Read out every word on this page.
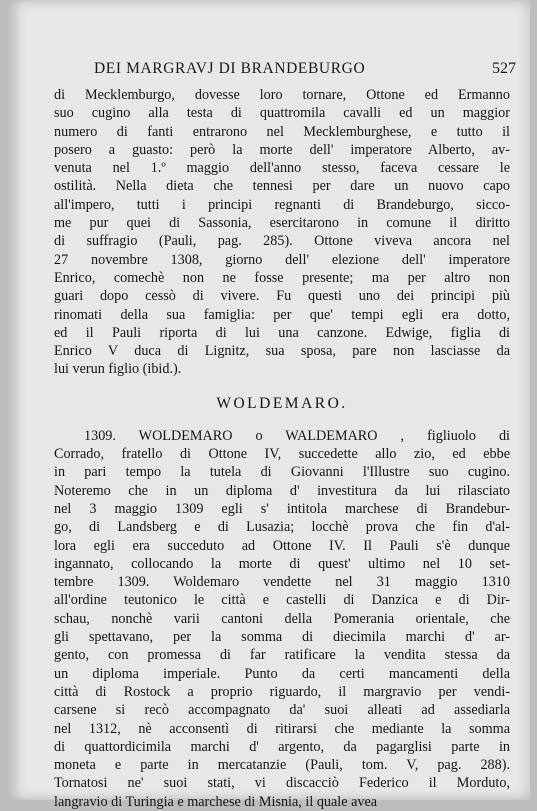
DEI MARGRAVJ DI BRANDEBURGO	527
di Mecklemburgo, dovesse loro tornare, Ottone ed Ermanno
suo cugino alla testa di quattromila cavalli ed un maggior
numero di fanti entrarono nel Mecklemburghese, e tutto il
posero a guasto: però la morte dell' imperatore Alberto, av-
venuta nel 1.º maggio dell'anno stesso, faceva cessare le
ostilità. Nella dieta che tennesi per dare un nuovo capo
all'impero, tutti i principi regnanti di Brandeburgo, sicco-
me pur quei di Sassonia, esercitarono in comune il diritto
di suffragio (Pauli, pag. 285). Ottone viveva ancora nel
27 novembre 1308, giorno dell' elezione dell' imperatore
Enrico, comechè non ne fosse presente; ma per altro non
guari dopo cessò di vivere. Fu questi uno dei principi più
rinomati della sua famiglia: per que' tempi egli era dotto,
ed il Pauli riporta di lui una canzone. Edwige, figlia di
Enrico V duca di Lignitz, sua sposa, pare non lasciasse da
lui verun figlio (ibid.).
WOLDEMARO.
1309. WOLDEMARO o WALDEMARO , figliuolo di
Corrado, fratello di Ottone IV, succedette allo zio, ed ebbe
in pari tempo la tutela di Giovanni l'Illustre suo cugino.
Noteremo che in un diploma d' investitura da lui rilasciato
nel 3 maggio 1309 egli s' intitola marchese di Brandebur-
go, di Landsberg e di Lusazia; locchè prova che fin d'al-
lora egli era succeduto ad Ottone IV. Il Pauli s'è dunque
ingannato, collocando la morte di quest' ultimo nel 10 set-
tembre 1309. Woldemaro vendette nel 31 maggio 1310
all'ordine teutonico le città e castelli di Danzica e di Dir-
schau, nonchè varii cantoni della Pomerania orientale, che
gli spettavano, per la somma di diecimila marchi d' ar-
gento, con promessa di far ratificare la vendita stessa da
un diploma imperiale. Punto da certi mancamenti della
città di Rostock a proprio riguardo, il margravio per vendi-
carsene si recò accompagnato da' suoi alleati ad assediarla
nel 1312, nè acconsentì di ritirarsi che mediante la somma
di quattordicimila marchi d' argento, da pagarglisi parte in
moneta e parte in mercatanzie (Pauli, tom. V, pag. 288).
Tornatosi ne' suoi stati, vi discacciò Federico il Morduto,
langravio di Turingia e marchese di Misnia, il quale avea
